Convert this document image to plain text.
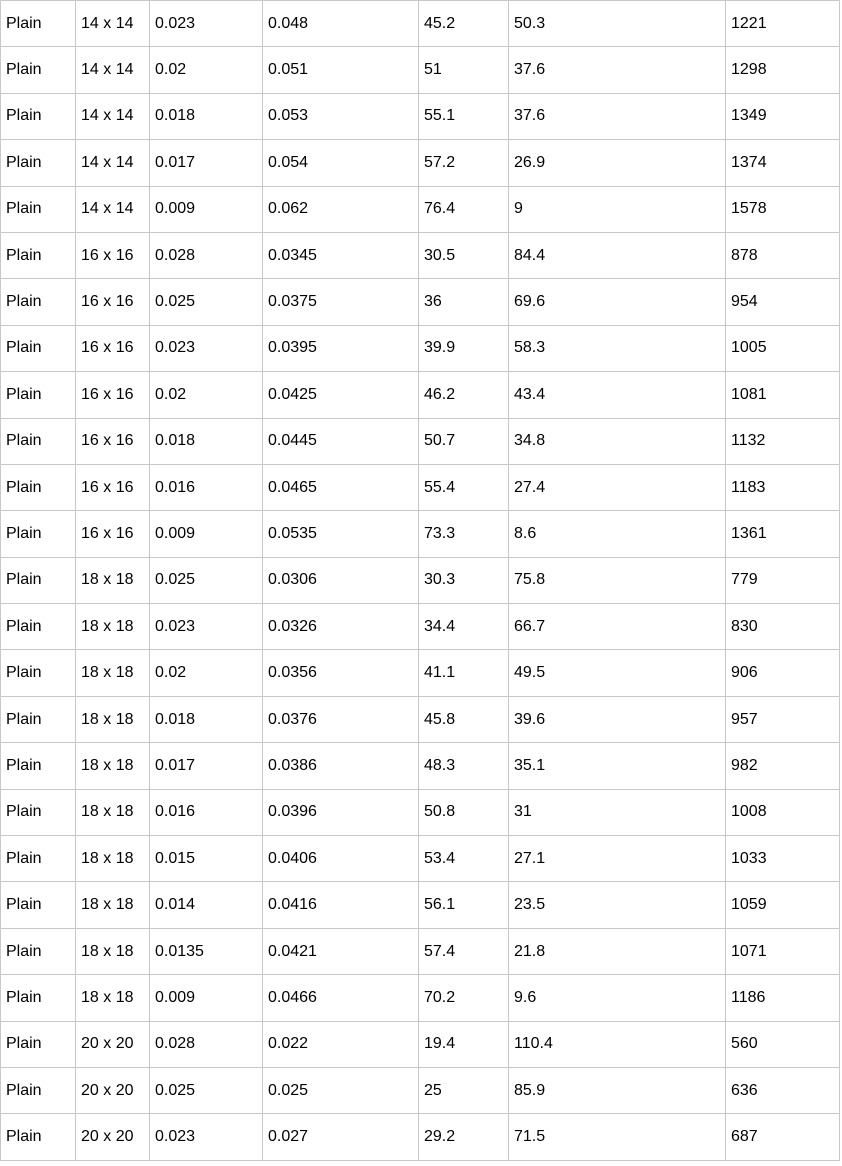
Plain	14 x 14	0.023	0.048	45.2	50.3	1221
Plain	14 x 14	0.02	0.051	51	37.6	1298
Plain	14 x 14	0.018	0.053	55.1	37.6	1349
Plain	14 x 14	0.017	0.054	57.2	26.9	1374
Plain	14 x 14	0.009	0.062	76.4	9	1578
Plain	16 x 16	0.028	0.0345	30.5	84.4	878
Plain	16 x 16	0.025	0.0375	36	69.6	954
Plain	16 x 16	0.023	0.0395	39.9	58.3	1005
Plain	16 x 16	0.02	0.0425	46.2	43.4	1081
Plain	16 x 16	0.018	0.0445	50.7	34.8	1132
Plain	16 x 16	0.016	0.0465	55.4	27.4	1183
Plain	16 x 16	0.009	0.0535	73.3	8.6	1361
Plain	18 x 18	0.025	0.0306	30.3	75.8	779
Plain	18 x 18	0.023	0.0326	34.4	66.7	830
Plain	18 x 18	0.02	0.0356	41.1	49.5	906
Plain	18 x 18	0.018	0.0376	45.8	39.6	957
Plain	18 x 18	0.017	0.0386	48.3	35.1	982
Plain	18 x 18	0.016	0.0396	50.8	31	1008
Plain	18 x 18	0.015	0.0406	53.4	27.1	1033
Plain	18 x 18	0.014	0.0416	56.1	23.5	1059
Plain	18 x 18	0.0135	0.0421	57.4	21.8	1071
Plain	18 x 18	0.009	0.0466	70.2	9.6	1186
Plain	20 x 20	0.028	0.022	19.4	110.4	560
Plain	20 x 20	0.025	0.025	25	85.9	636
Plain	20 x 20	0.023	0.027	29.2	71.5	687
